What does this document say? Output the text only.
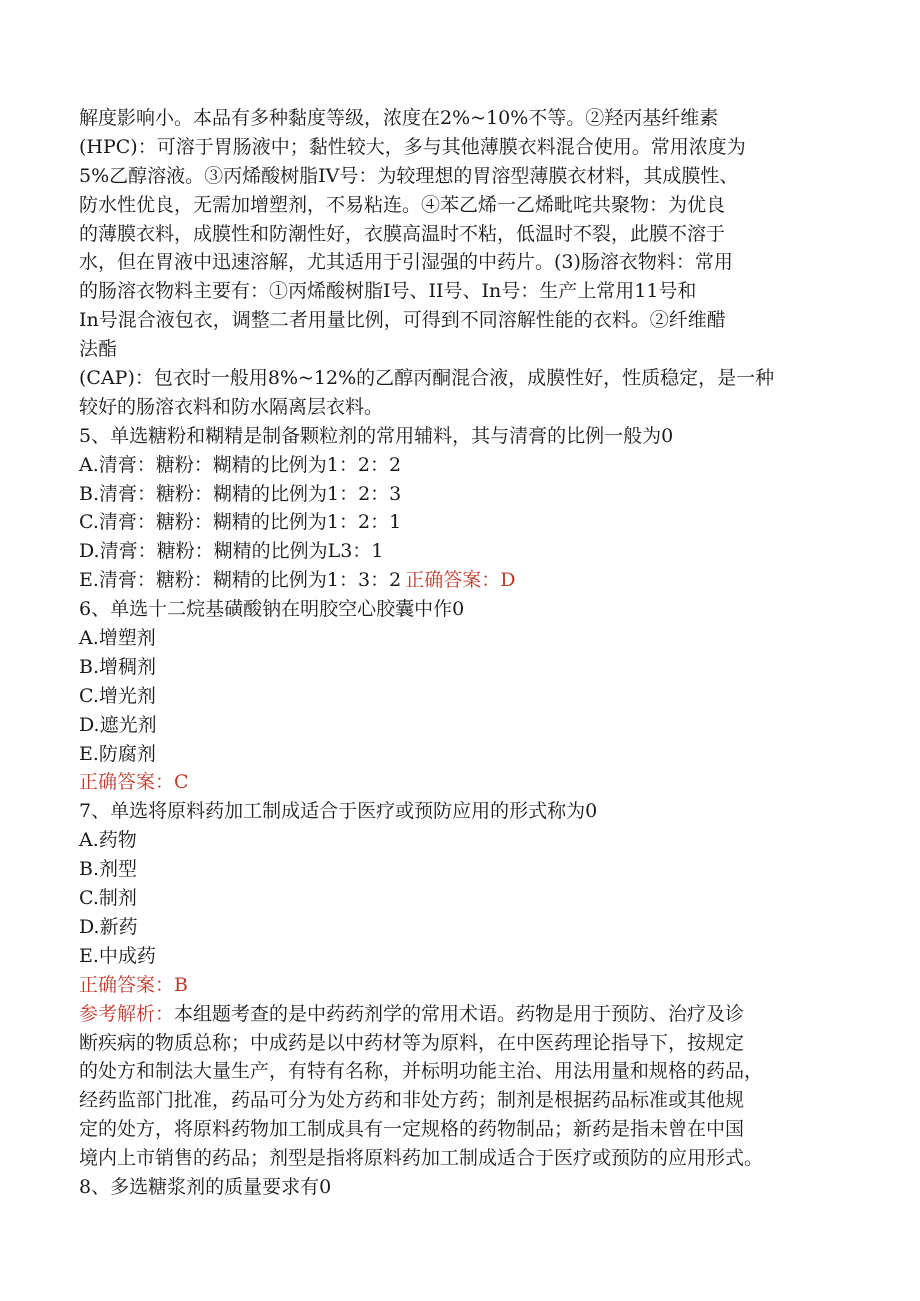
解度影响小。本品有多种黏度等级，浓度在2%~10%不等。②羟丙基纤维素
(HPC)：可溶于胃肠液中；黏性较大，多与其他薄膜衣料混合使用。常用浓度为
5%乙醇溶液。③丙烯酸树脂IV号：为较理想的胃溶型薄膜衣材料，其成膜性、
防水性优良，无需加增塑剂，不易粘连。④苯乙烯一乙烯毗咤共聚物：为优良
的薄膜衣料，成膜性和防潮性好，衣膜高温时不粘，低温时不裂，此膜不溶于
水，但在胃液中迅速溶解，尤其适用于引湿强的中药片。(3)肠溶衣物料：常用
的肠溶衣物料主要有：①丙烯酸树脂I号、II号、In号：生产上常用11号和
In号混合液包衣，调整二者用量比例，可得到不同溶解性能的衣料。②纤维醋
法酯
(CAP)：包衣时一般用8%~12%的乙醇丙酮混合液，成膜性好，性质稳定，是一种
较好的肠溶衣料和防水隔离层衣料。
5、单选糖粉和糊精是制备颗粒剂的常用辅料，其与清膏的比例一般为0
A.清膏：糖粉：糊精的比例为1：2：2
B.清膏：糖粉：糊精的比例为1：2：3
C.清膏：糖粉：糊精的比例为1：2：1
D.清膏：糖粉：糊精的比例为L3：1
E.清膏：糖粉：糊精的比例为1：3：2 正确答案：D
6、单选十二烷基磺酸钠在明胶空心胶囊中作0
A.增塑剂
B.增稠剂
C.增光剂
D.遮光剂
E.防腐剂
正确答案：C
7、单选将原料药加工制成适合于医疗或预防应用的形式称为0
A.药物
B.剂型
C.制剂
D.新药
E.中成药
正确答案：B
参考解析：本组题考查的是中药药剂学的常用术语。药物是用于预防、治疗及诊
断疾病的物质总称；中成药是以中药材等为原料，在中医药理论指导下，按规定
的处方和制法大量生产，有特有名称，并标明功能主治、用法用量和规格的药品，
经药监部门批准，药品可分为处方药和非处方药；制剂是根据药品标准或其他规
定的处方，将原料药物加工制成具有一定规格的药物制品；新药是指未曾在中国
境内上市销售的药品；剂型是指将原料药加工制成适合于医疗或预防的应用形式。
8、多选糖浆剂的质量要求有0
